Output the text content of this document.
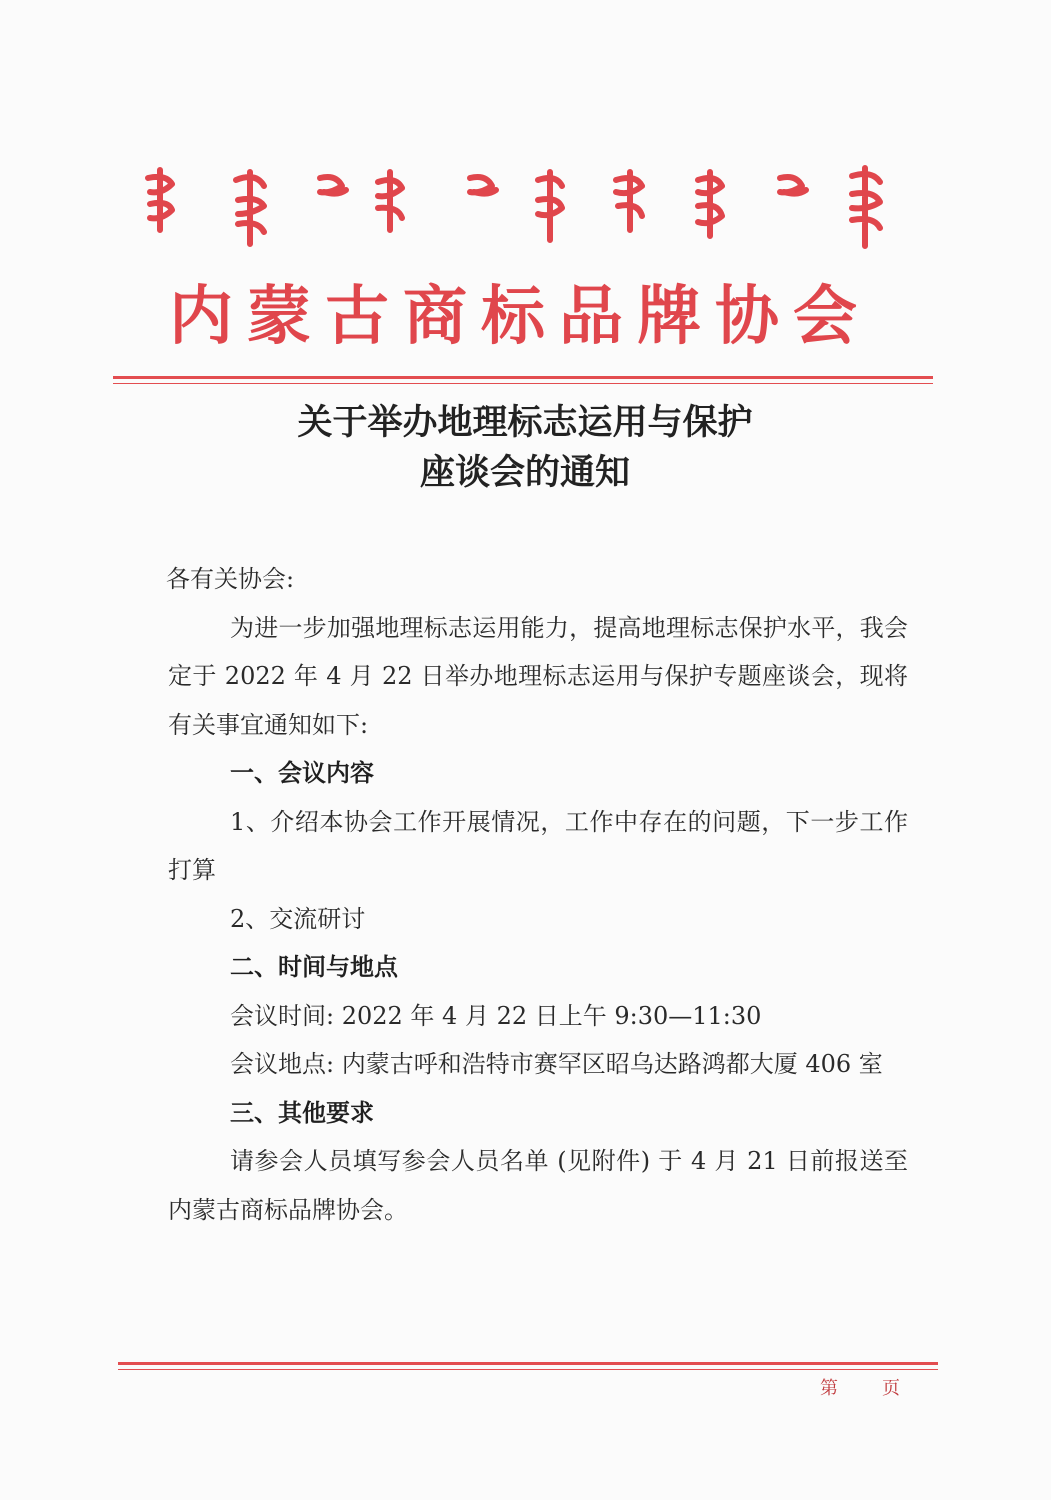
内蒙古商标品牌协会
关于举办地理标志运用与保护
座谈会的通知

各有关协会:

为进一步加强地理标志运用能力，提高地理标志保护水平，我会定于 2022 年 4 月 22 日举办地理标志运用与保护专题座谈会，现将有关事宜通知如下:

一、会议内容

1、介绍本协会工作开展情况，工作中存在的问题，下一步工作打算

2、交流研讨

二、时间与地点

会议时间: 2022 年 4 月 22 日上午 9:30—11:30

会议地点: 内蒙古呼和浩特市赛罕区昭乌达路鸿都大厦 406 室

三、其他要求

请参会人员填写参会人员名单 (见附件) 于 4 月 21 日前报送至内蒙古商标品牌协会。

第 页
